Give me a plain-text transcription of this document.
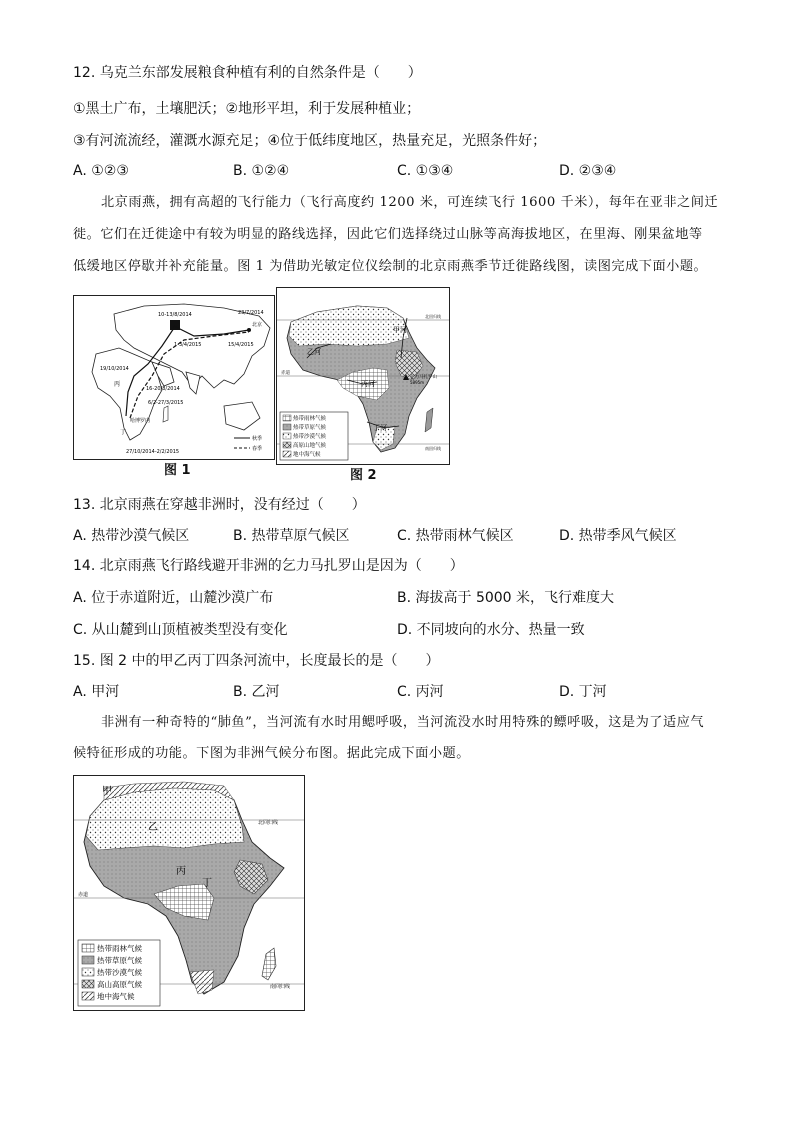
12. 乌克兰东部发展粮食种植有利的自然条件是（　　）
①黑土广布，土壤肥沃；②地形平坦，利于发展种植业；
③有河流流经，灌溉水源充足；④位于低纬度地区，热量充足，光照条件好；
A. ①②③	B. ①②④	C. ①③④	D. ②③④
北京雨燕，拥有高超的飞行能力（飞行高度约 1200 米，可连续飞行 1600 千米），每年在亚非之间迁
徙。它们在迁徙途中有较为明显的路线选择，因此它们选择绕过山脉等高海拔地区，在里海、刚果盆地等
低缓地区停歇并补充能量。图 1 为借助光敏定位仪绘制的北京雨燕季节迁徙路线图，读图完成下面小题。
10-13/8/2014	23/7/2014
北京
1-3/4/2015	15/4/2015
19/10/2014
丙
16-20/8/2014
6/2-27/3/2015
哈博罗内
丁
27/10/2014-2/2/2015
秋季
春季
图 1
甲河
乙河
丙河
丁河
乞力马扎罗山
5895m
赤道
北回归线
南回归线
热带雨林气候
热带草原气候
热带沙漠气候
高原山地气候
地中海气候
图 2
13. 北京雨燕在穿越非洲时，没有经过（　　）
A. 热带沙漠气候区	B. 热带草原气候区	C. 热带雨林气候区	D. 热带季风气候区
14. 北京雨燕飞行路线避开非洲的乞力马扎罗山是因为（　　）
A. 位于赤道附近，山麓沙漠广布	B. 海拔高于 5000 米，飞行难度大
C. 从山麓到山顶植被类型没有变化	D. 不同坡向的水分、热量一致
15. 图 2 中的甲乙丙丁四条河流中，长度最长的是（　　）
A. 甲河	B. 乙河	C. 丙河	D. 丁河
非洲有一种奇特的“肺鱼”，当河流有水时用鳃呼吸，当河流没水时用特殊的鳔呼吸，这是为了适应气
候特征形成的功能。下图为非洲气候分布图。据此完成下面小题。
甲
乙
丙
丁
北回归线
赤道
南回归线
热带雨林气候
热带草原气候
热带沙漠气候
高山高原气候
地中海气候
